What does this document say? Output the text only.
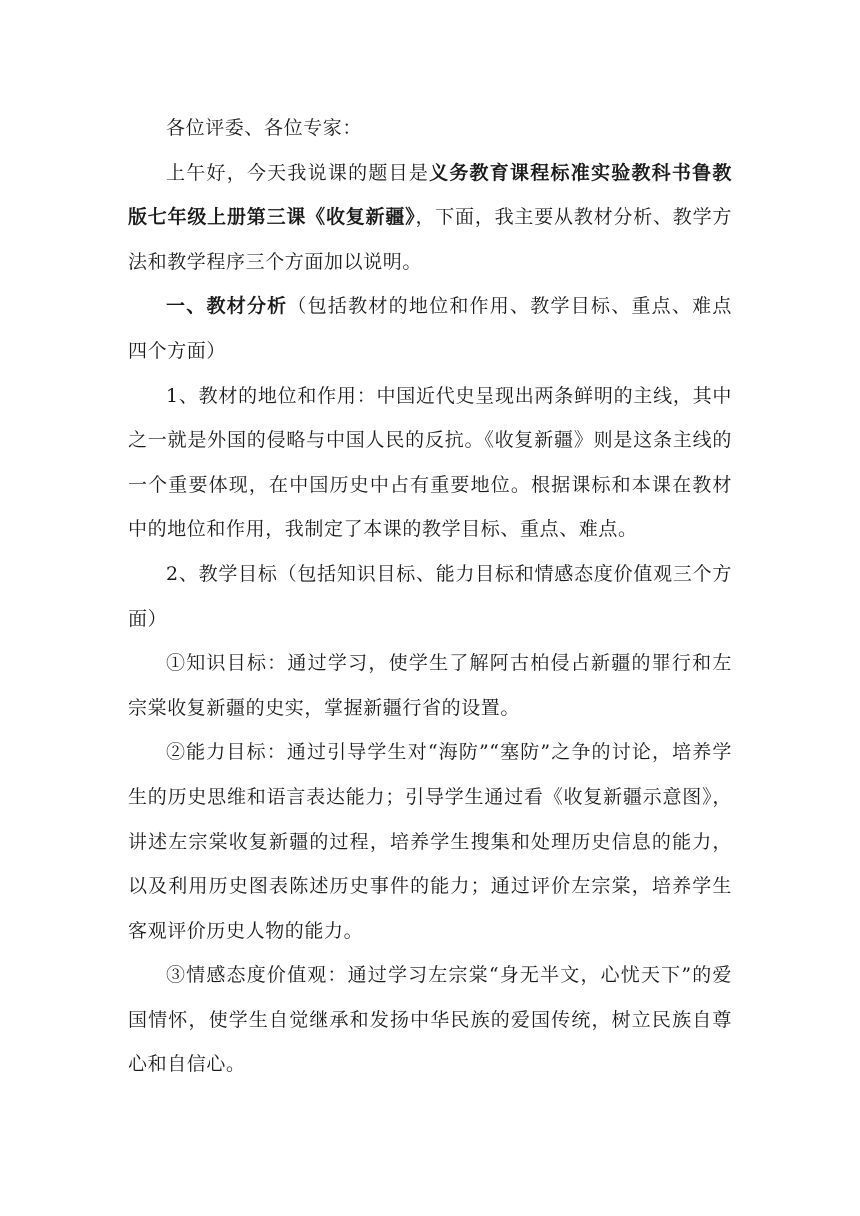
各位评委、各位专家：

上午好，今天我说课的题目是义务教育课程标准实验教科书鲁教版七年级上册第三课《收复新疆》，下面，我主要从教材分析、教学方法和教学程序三个方面加以说明。

一、教材分析（包括教材的地位和作用、教学目标、重点、难点四个方面）

1、教材的地位和作用：中国近代史呈现出两条鲜明的主线，其中之一就是外国的侵略与中国人民的反抗。《收复新疆》则是这条主线的一个重要体现，在中国历史中占有重要地位。根据课标和本课在教材中的地位和作用，我制定了本课的教学目标、重点、难点。

2、教学目标（包括知识目标、能力目标和情感态度价值观三个方面）

①知识目标：通过学习，使学生了解阿古柏侵占新疆的罪行和左宗棠收复新疆的史实，掌握新疆行省的设置。

②能力目标：通过引导学生对“海防”“塞防”之争的讨论，培养学生的历史思维和语言表达能力；引导学生通过看《收复新疆示意图》，讲述左宗棠收复新疆的过程，培养学生搜集和处理历史信息的能力，以及利用历史图表陈述历史事件的能力；通过评价左宗棠，培养学生客观评价历史人物的能力。

③情感态度价值观：通过学习左宗棠“身无半文，心忧天下”的爱国情怀，使学生自觉继承和发扬中华民族的爱国传统，树立民族自尊心和自信心。
